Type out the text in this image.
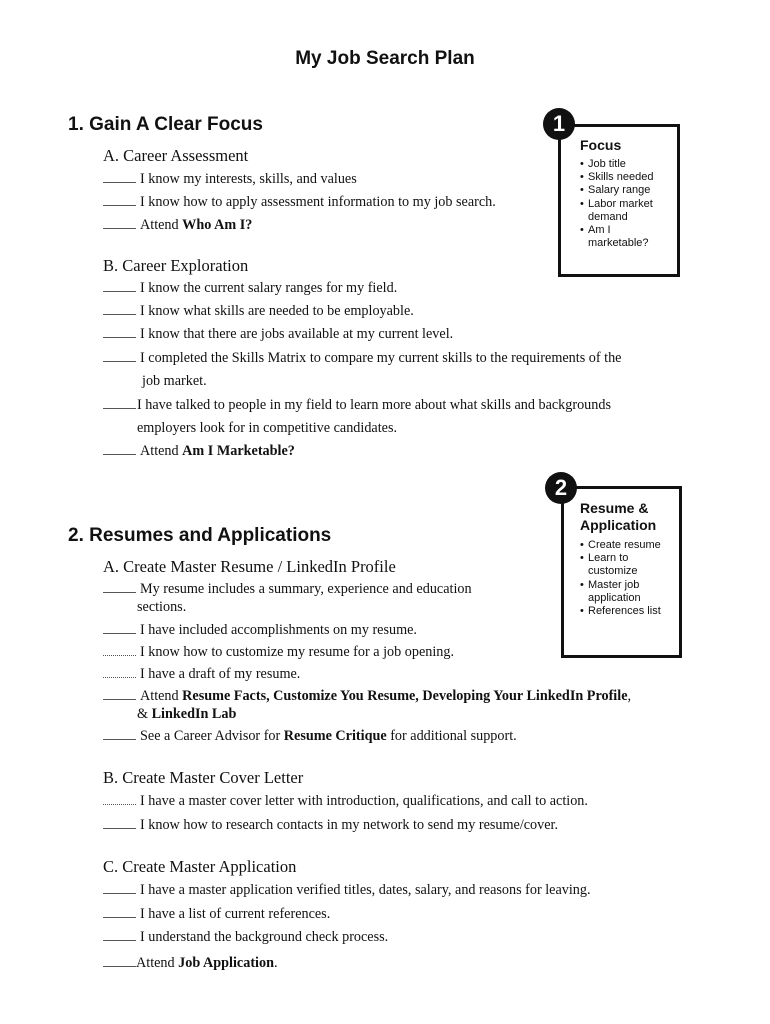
My Job Search Plan
1. Gain A Clear Focus
A. Career Assessment
I know my interests, skills, and values
I know how to apply assessment information to my job search.
Attend Who Am I?
B. Career Exploration
I know the current salary ranges for my field.
I know what skills are needed to be employable.
I know that there are jobs available at my current level.
I completed the Skills Matrix to compare my current skills to the requirements of the
job market.
I have talked to people in my field to learn more about what skills and backgrounds
employers look for in competitive candidates.
Attend Am I Marketable?
Focus
• Job title
• Skills needed
• Salary range
• Labor market demand
• Am I marketable?
1
2. Resumes and Applications
A. Create Master Resume / LinkedIn Profile
My resume includes a summary, experience and education
sections.
I have included accomplishments on my resume.
I know how to customize my resume for a job opening.
I have a draft of my resume.
Attend Resume Facts, Customize You Resume, Developing Your LinkedIn Profile,
& LinkedIn Lab
See a Career Advisor for Resume Critique for additional support.
B. Create Master Cover Letter
I have a master cover letter with introduction, qualifications, and call to action.
I know how to research contacts in my network to send my resume/cover.
C. Create Master Application
I have a master application verified titles, dates, salary, and reasons for leaving.
I have a list of current references.
I understand the background check process.
Attend Job Application.
Resume & Application
• Create resume
• Learn to customize
• Master job application
• References list
2
